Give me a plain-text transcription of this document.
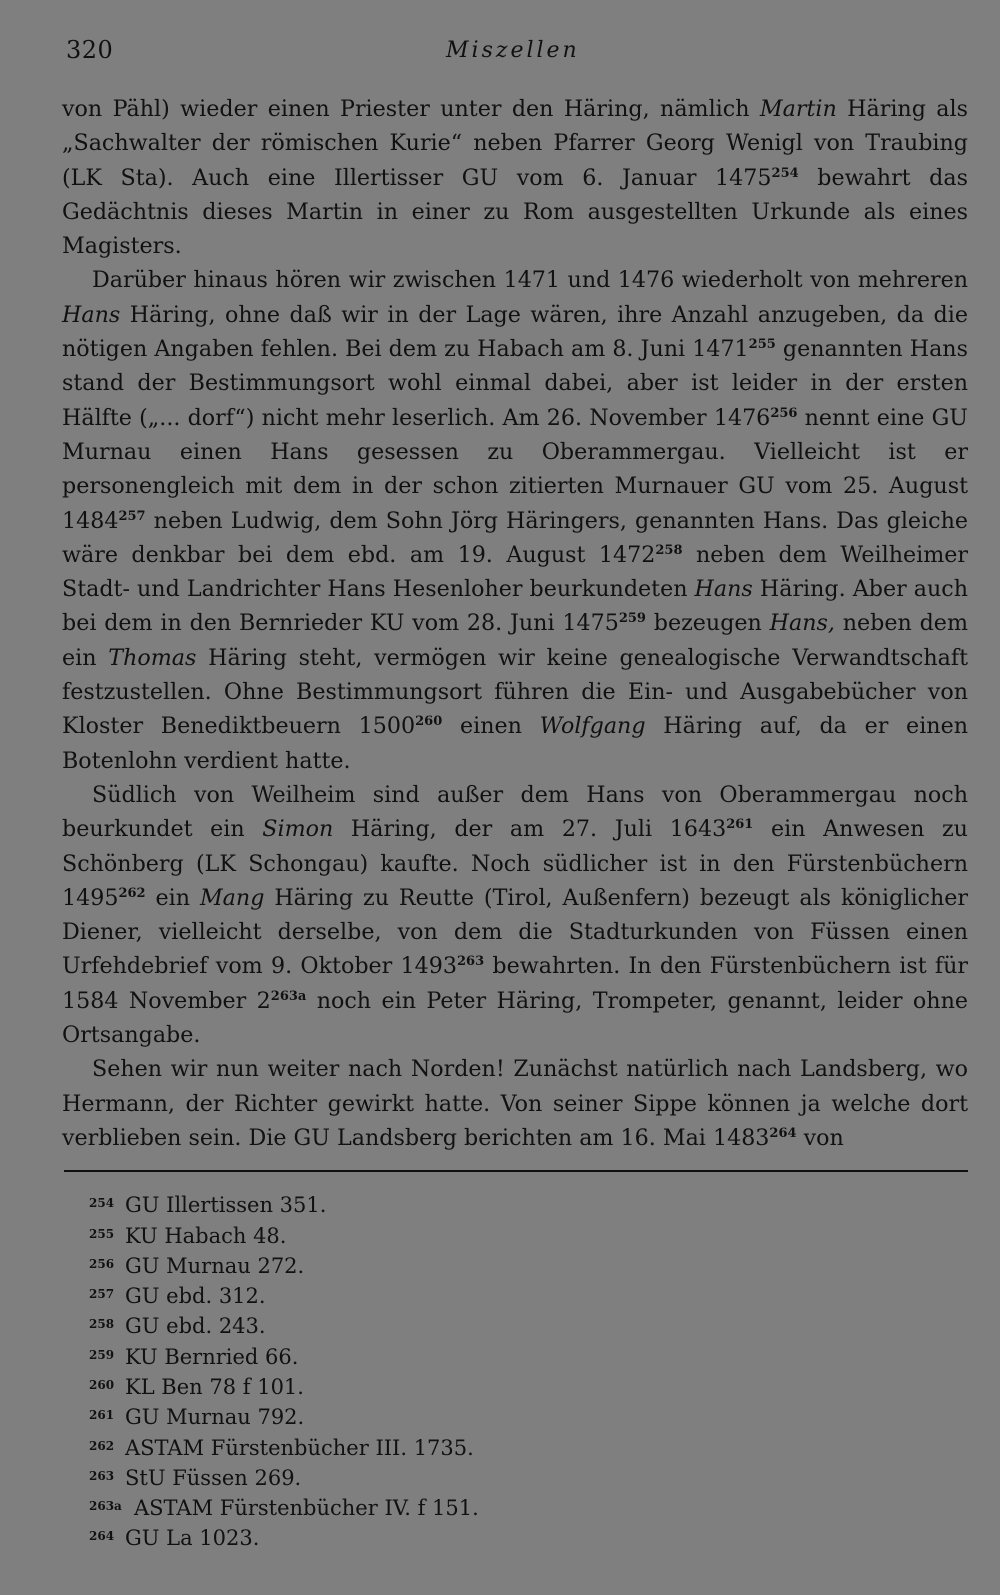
320	Miszellen

von Pähl) wieder einen Priester unter den Häring, nämlich Martin Häring als „Sachwalter der römischen Kurie“ neben Pfarrer Georg Wenigl von Traubing (LK Sta). Auch eine Illertisser GU vom 6. Januar 1475$^{254}$ bewahrt das Gedächtnis dieses Martin in einer zu Rom ausgestellten Urkunde als eines Magisters.

Darüber hinaus hören wir zwischen 1471 und 1476 wiederholt von mehreren Hans Häring, ohne daß wir in der Lage wären, ihre Anzahl anzugeben, da die nötigen Angaben fehlen. Bei dem zu Habach am 8. Juni 1471$^{255}$ genannten Hans stand der Bestimmungsort wohl einmal dabei, aber ist leider in der ersten Hälfte („... dorf“) nicht mehr leserlich. Am 26. November 1476$^{256}$ nennt eine GU Murnau einen Hans gesessen zu Oberammergau. Vielleicht ist er personengleich mit dem in der schon zitierten Murnauer GU vom 25. August 1484$^{257}$ neben Ludwig, dem Sohn Jörg Häringers, genannten Hans. Das gleiche wäre denkbar bei dem ebd. am 19. August 1472$^{258}$ neben dem Weilheimer Stadt- und Landrichter Hans Hesenloher beurkundeten Hans Häring. Aber auch bei dem in den Bernrieder KU vom 28. Juni 1475$^{259}$ bezeugen Hans, neben dem ein Thomas Häring steht, vermögen wir keine genealogische Verwandtschaft festzustellen. Ohne Bestimmungsort führen die Ein- und Ausgabebücher von Kloster Benediktbeuern 1500$^{260}$ einen Wolfgang Häring auf, da er einen Botenlohn verdient hatte.

Südlich von Weilheim sind außer dem Hans von Oberammergau noch beurkundet ein Simon Häring, der am 27. Juli 1643$^{261}$ ein Anwesen zu Schönberg (LK Schongau) kaufte. Noch südlicher ist in den Fürstenbüchern 1495$^{262}$ ein Mang Häring zu Reutte (Tirol, Außenfern) bezeugt als königlicher Diener, vielleicht derselbe, von dem die Stadturkunden von Füssen einen Urfehdebrief vom 9. Oktober 1493$^{263}$ bewahrten. In den Fürstenbüchern ist für 1584 November 2$^{263a}$ noch ein Peter Häring, Trompeter, genannt, leider ohne Ortsangabe.

Sehen wir nun weiter nach Norden! Zunächst natürlich nach Landsberg, wo Hermann, der Richter gewirkt hatte. Von seiner Sippe können ja welche dort verblieben sein. Die GU Landsberg berichten am 16. Mai 1483$^{264}$ von

254 GU Illertissen 351.
255 KU Habach 48.
256 GU Murnau 272.
257 GU ebd. 312.
258 GU ebd. 243.
259 KU Bernried 66.
260 KL Ben 78 f 101.
261 GU Murnau 792.
262 ASTAM Fürstenbücher III. 1735.
263 StU Füssen 269.
263a ASTAM Fürstenbücher IV. f 151.
264 GU La 1023.
